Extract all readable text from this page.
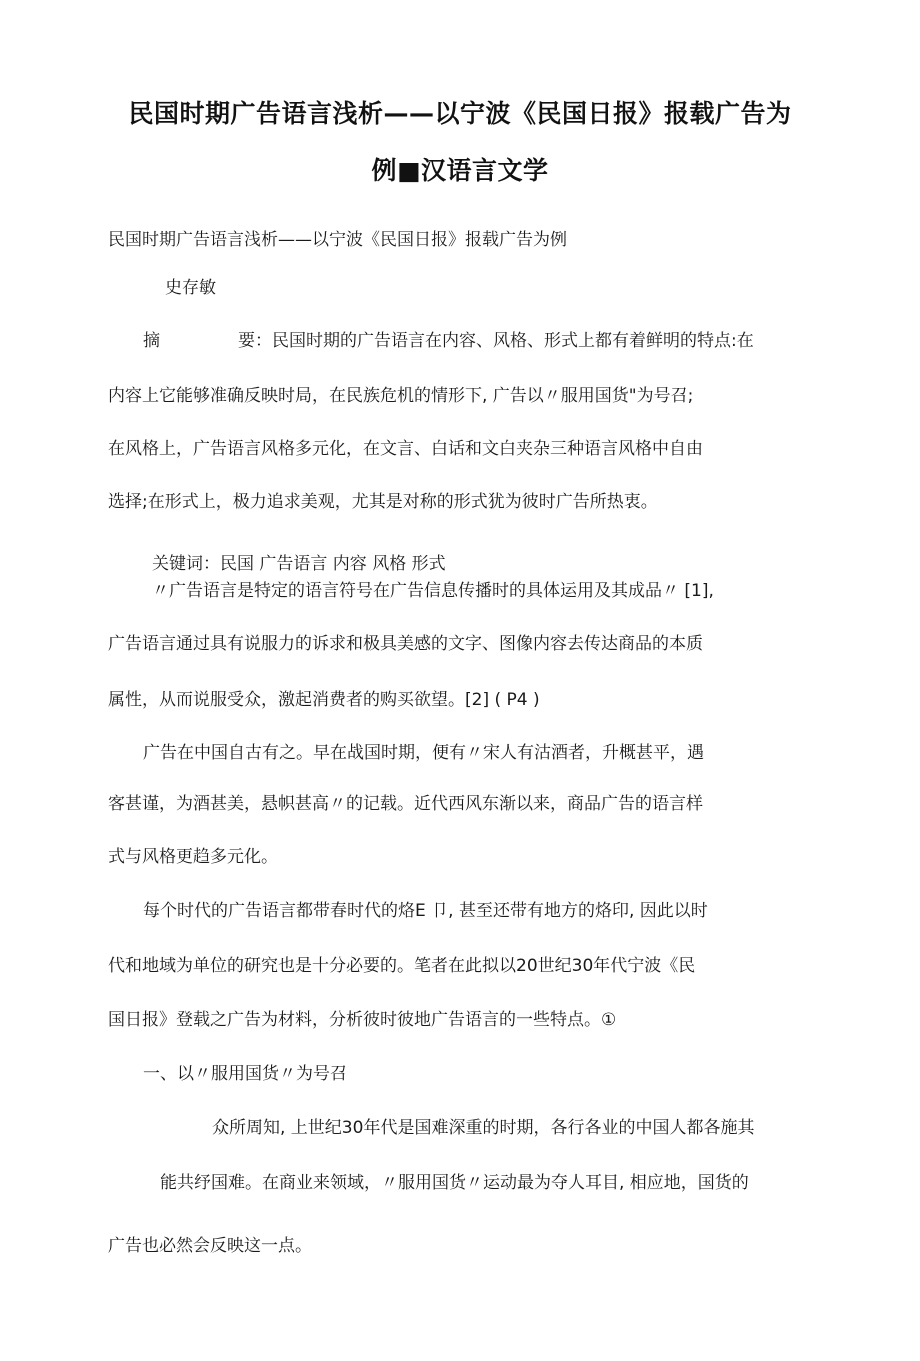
民国时期广告语言浅析——以宁波《民国日报》报载广告为
例■汉语言文学
民国时期广告语言浅析——以宁波《民国日报》报载广告为例
史存敏
摘	要：民国时期的广告语言在内容、风格、形式上都有着鲜明的特点:在
内容上它能够准确反映时局，在民族危机的情形下, 广告以〃服用国货"为号召;
在风格上，广告语言风格多元化，在文言、白话和文白夹杂三种语言风格中自由
选择;在形式上，极力追求美观，尤其是对称的形式犹为彼时广告所热衷。
关键词：民国 广告语言 内容 风格 形式
〃广告语言是特定的语言符号在广告信息传播时的具体运用及其成品〃 [1],
广告语言通过具有说服力的诉求和极具美感的文字、图像内容去传达商品的本质
属性，从而说服受众，激起消费者的购买欲望。[2] ( P4 )
广告在中国自古有之。早在战国时期，便有〃宋人有沽酒者，升概甚平，遇
客甚谨，为酒甚美，悬帜甚高〃的记载。近代西风东渐以来，商品广告的语言样
式与风格更趋多元化。
每个时代的广告语言都带春时代的烙E 卩, 甚至还带有地方的烙印, 因此以时
代和地域为单位的研究也是十分必要的。笔者在此拟以20世纪30年代宁波《民
国日报》登载之广告为材料，分析彼时彼地广告语言的一些特点。①
一、以〃服用国货〃为号召
众所周知, 上世纪30年代是国难深重的时期，各行各业的中国人都各施其
能共纾国难。在商业来领域，〃服用国货〃运动最为夺人耳目, 相应地，国货的
广告也必然会反映这一点。
